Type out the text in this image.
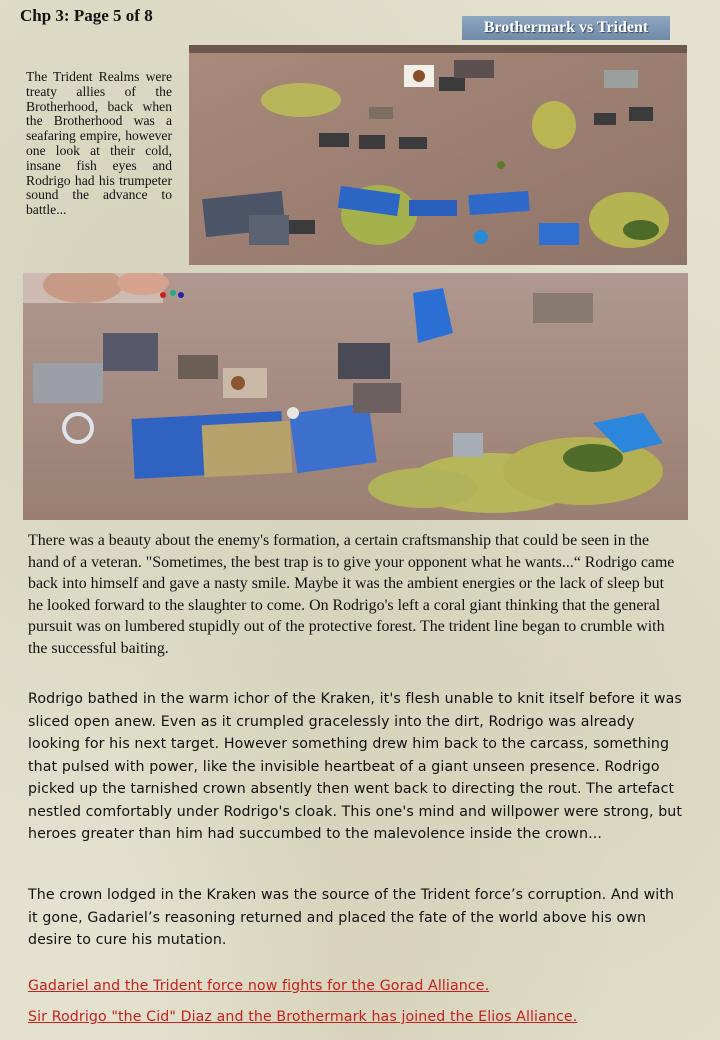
Chp 3: Page 5 of 8
Brothermark vs Trident
The Trident Realms were treaty allies of the Brotherhood, back when the Brotherhood was a seafaring empire, however one look at their cold, insane fish eyes and Rodrigo had his trumpeter sound the advance to battle...
There was a beauty about the enemy's formation, a certain craftsmanship that could be seen in the hand of a veteran. "Sometimes, the best trap is to give your opponent what he wants...“ Rodrigo came back into himself and gave a nasty smile. Maybe it was the ambient energies or the lack of sleep but he looked forward to the slaughter to come. On Rodrigo's left a coral giant thinking that the general pursuit was on lumbered stupidly out of the protective forest. The trident line began to crumble with the successful baiting.
Rodrigo bathed in the warm ichor of the Kraken, it's flesh unable to knit itself before it was sliced open anew. Even as it crumpled gracelessly into the dirt, Rodrigo was already looking for his next target. However something drew him back to the carcass, something that pulsed with power, like the invisible heartbeat of a giant unseen presence. Rodrigo picked up the tarnished crown absently then went back to directing the rout. The artefact nestled comfortably under Rodrigo's cloak. This one's mind and willpower were strong, but heroes greater than him had succumbed to the malevolence inside the crown...
The crown lodged in the Kraken was the source of the Trident force’s corruption. And with it gone, Gadariel’s reasoning returned and placed the fate of the world above his own desire to cure his mutation.
Gadariel and the Trident force now fights for the Gorad Alliance.
Sir Rodrigo "the Cid" Diaz and the Brothermark has joined the Elios Alliance.
